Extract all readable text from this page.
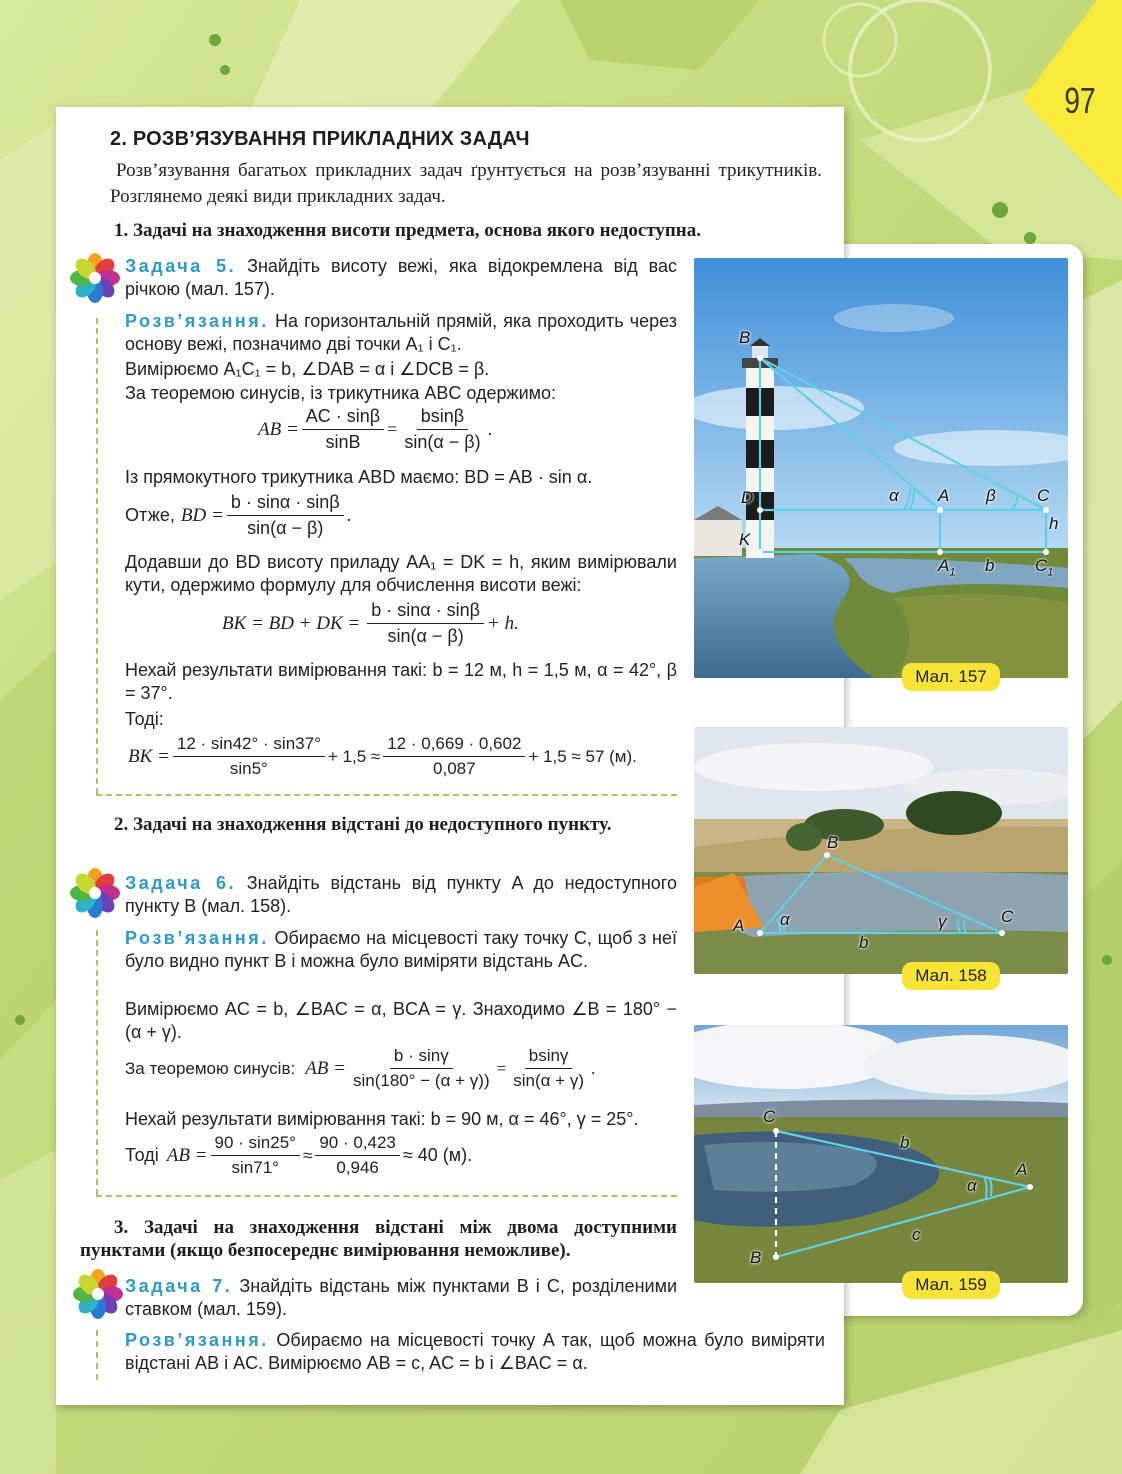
97
2. РОЗВ’ЯЗУВАННЯ ПРИКЛАДНИХ ЗАДАЧ
Розв’язування багатьох прикладних задач ґрунтується на розв’язуванні трикутників. Розглянемо деякі види прикладних задач.
1. Задачі на знаходження висоти предмета, основа якого недоступна.
Задача 5. Знайдіть висоту вежі, яка відокремлена від вас річкою (мал. 157).
Розв’язання. На горизонтальній прямій, яка проходить через основу вежі, позначимо дві точки A₁ і C₁.
Вимірюємо A₁C₁ = b, ∠DAB = α і ∠DCB = β.
За теоремою синусів, із трикутника ABC одержимо:
AB = $\frac{AC \cdot \sin\beta}{\sin B} = \frac{bsin\beta}{\sin(\alpha - \beta)}$ .
Із прямокутного трикутника ABD маємо: BD = AB · sin α.
Отже, BD = $\frac{b \cdot \sin\alpha \cdot \sin\beta}{\sin(\alpha - \beta)}$ .
Додавши до BD висоту приладу AA₁ = DK = h, яким вимірювали кути, одержимо формулу для обчислення висоти вежі:
BK = BD + DK = $\frac{b \cdot \sin\alpha \cdot \sin\beta}{\sin(\alpha - \beta)} + h$.
Нехай результати вимірювання такі: b = 12 м, h = 1,5 м, α = 42°, β = 37°.
Тоді:
BK = $\frac{12 \cdot \sin 42^\circ \cdot \sin 37^\circ}{\sin 5^\circ} + 1,5 \approx \frac{12 \cdot 0,669 \cdot 0,602}{0,087} + 1,5 \approx 57$ (м).
2. Задачі на знаходження відстані до недоступного пункту.
Задача 6. Знайдіть відстань від пункту A до недоступного пункту B (мал. 158).
Розв’язання. Обираємо на місцевості таку точку C, щоб з неї було видно пункт B і можна було виміряти відстань AC.
Вимірюємо AC = b, ∠BAC = α, BCA = γ. Знаходимо ∠B = 180° − (α + γ).
За теоремою синусів: AB = $\frac{b \cdot \sin\gamma}{\sin(180^\circ - (\alpha + \gamma))} = \frac{bsin\gamma}{\sin(\alpha + \gamma)}$ .
Нехай результати вимірювання такі: b = 90 м, α = 46°, γ = 25°.
Тоді AB = $\frac{90 \cdot \sin 25^\circ}{\sin 71^\circ} \approx \frac{90 \cdot 0,423}{0,946} \approx 40$ (м).
3. Задачі на знаходження відстані між двома доступними пунктами (якщо безпосереднє вимірювання неможливе).
Задача 7. Знайдіть відстань між пунктами B і C, розділеними ставком (мал. 159).
Розв’язання. Обираємо на місцевості точку A так, щоб можна було виміряти відстані AB і AC. Вимірюємо AB = c, AC = b і ∠BAC = α.
B
D
K
α A β C
h
$A_1$ b $C_1$
Мал. 157
B
A α	γ	C
b
Мал. 158
C
b
A
α
c
B
Мал. 159
